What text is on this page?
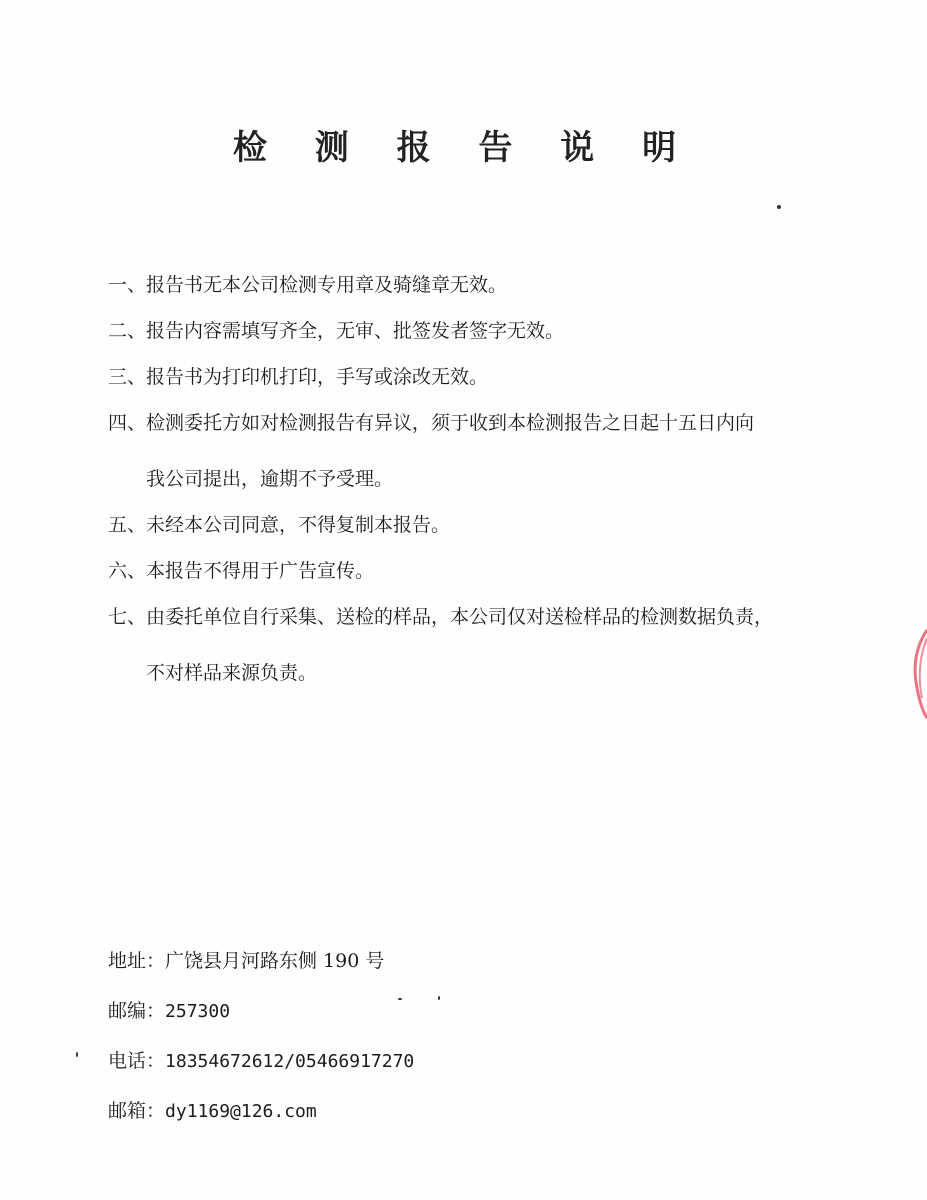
检 测 报 告 说 明
一、报告书无本公司检测专用章及骑缝章无效。
二、报告内容需填写齐全，无审、批签发者签字无效。
三、报告书为打印机打印，手写或涂改无效。
四、检测委托方如对检测报告有异议，须于收到本检测报告之日起十五日内向
我公司提出，逾期不予受理。
五、未经本公司同意，不得复制本报告。
六、本报告不得用于广告宣传。
七、由委托单位自行采集、送检的样品，本公司仅对送检样品的检测数据负责，
不对样品来源负责。
地址：广饶县月河路东侧 190 号
邮编：257300
电话：18354672612/05466917270
邮箱：dy1169@126.com
